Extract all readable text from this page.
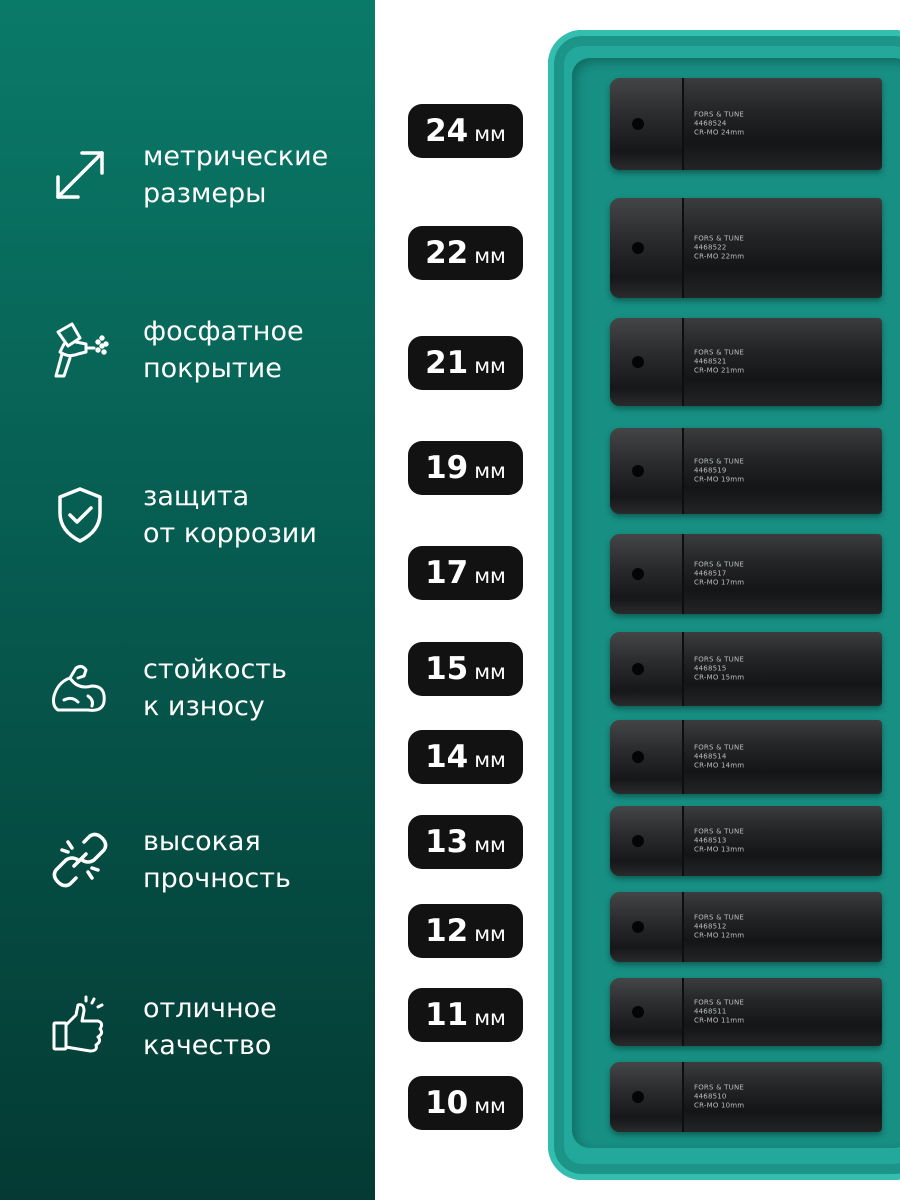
метрические
размеры
фосфатное
покрытие
защита
от коррозии
стойкость
к износу
высокая
прочность
отличное
качество
FORS & TUNE
4468524
CR-MO 24mm
FORS & TUNE
4468522
CR-MO 22mm
FORS & TUNE
4468521
CR-MO 21mm
FORS & TUNE
4468519
CR-MO 19mm
FORS & TUNE
4468517
CR-MO 17mm
FORS & TUNE
4468515
CR-MO 15mm
FORS & TUNE
4468514
CR-MO 14mm
FORS & TUNE
4468513
CR-MO 13mm
FORS & TUNE
4468512
CR-MO 12mm
FORS & TUNE
4468511
CR-MO 11mm
FORS & TUNE
4468510
CR-MO 10mm
24 мм
22 мм
21 мм
19 мм
17 мм
15 мм
14 мм
13 мм
12 мм
11 мм
10 мм
